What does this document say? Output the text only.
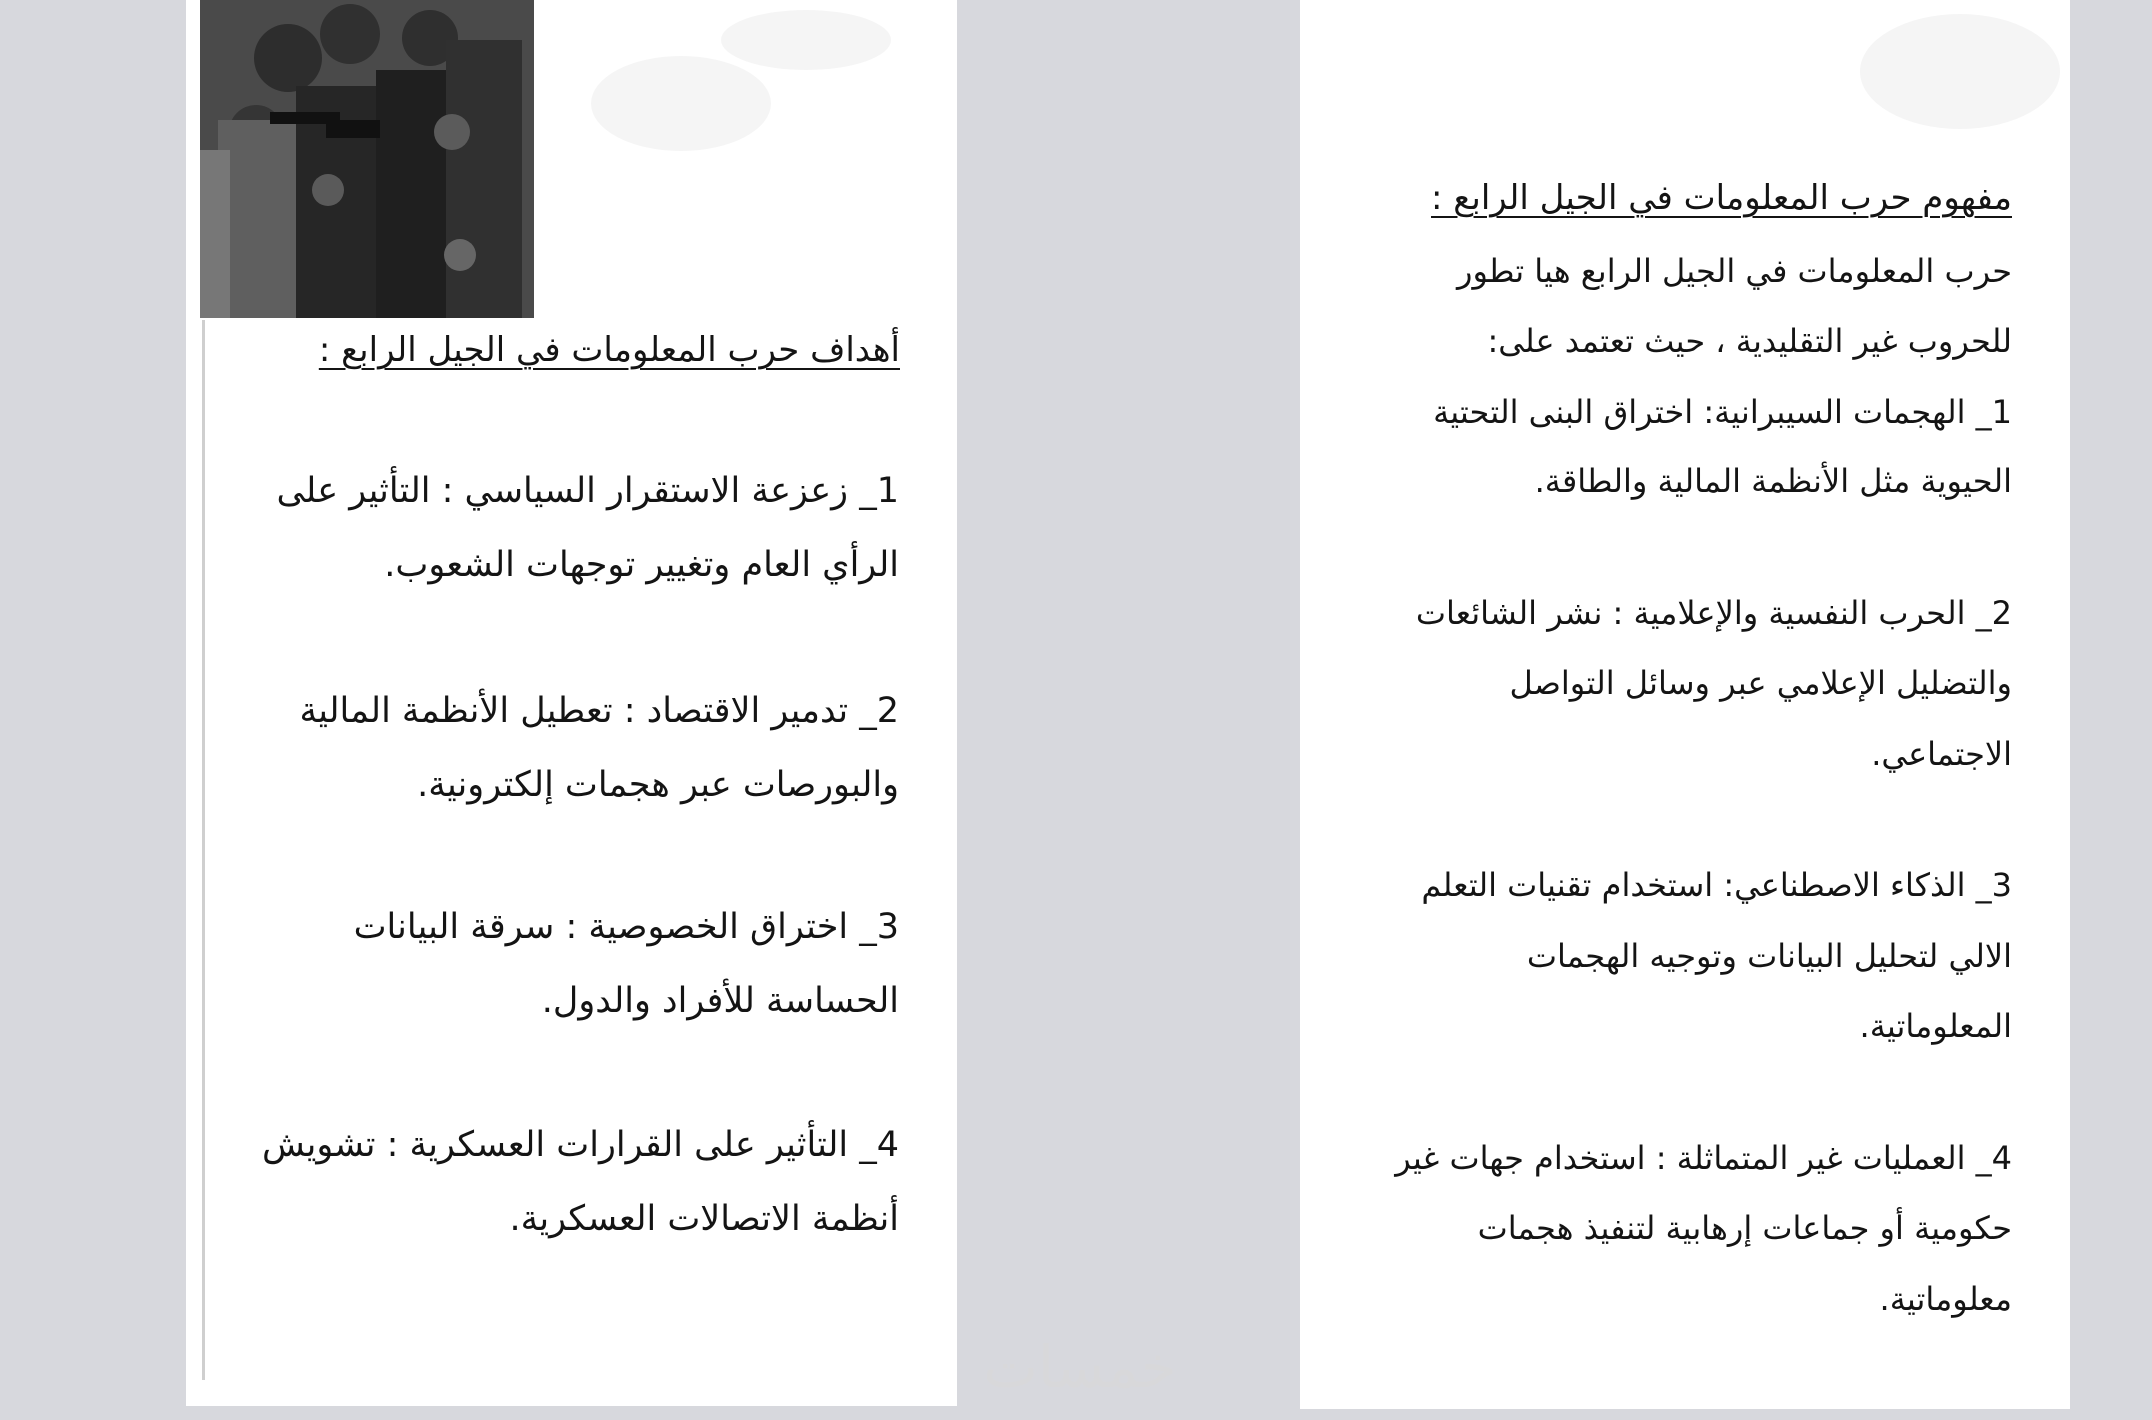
أهداف حرب المعلومات في الجيل الرابع :
1_ زعزعة الاستقرار السياسي : التأثير على
الرأي العام وتغيير توجهات الشعوب.
2_ تدمير الاقتصاد : تعطيل الأنظمة المالية
والبورصات عبر هجمات إلكترونية.
3_ اختراق الخصوصية : سرقة البيانات
الحساسة للأفراد والدول.
4_ التأثير على القرارات العسكرية : تشويش
أنظمة الاتصالات العسكرية.
مفهوم حرب المعلومات في الجيل الرابع :
حرب المعلومات في الجيل الرابع هيا تطور
للحروب غير التقليدية ، حيث تعتمد على:
1_ الهجمات السيبرانية: اختراق البنى التحتية
الحيوية مثل الأنظمة المالية والطاقة.
2_ الحرب النفسية والإعلامية : نشر الشائعات
والتضليل الإعلامي عبر وسائل التواصل
الاجتماعي.
3_ الذكاء الاصطناعي: استخدام تقنيات التعلم
الالي لتحليل البيانات وتوجيه الهجمات
المعلوماتية.
4_ العمليات غير المتماثلة : استخدام جهات غير
حكومية أو جماعات إرهابية لتنفيذ هجمات
معلوماتية.
خمسات
